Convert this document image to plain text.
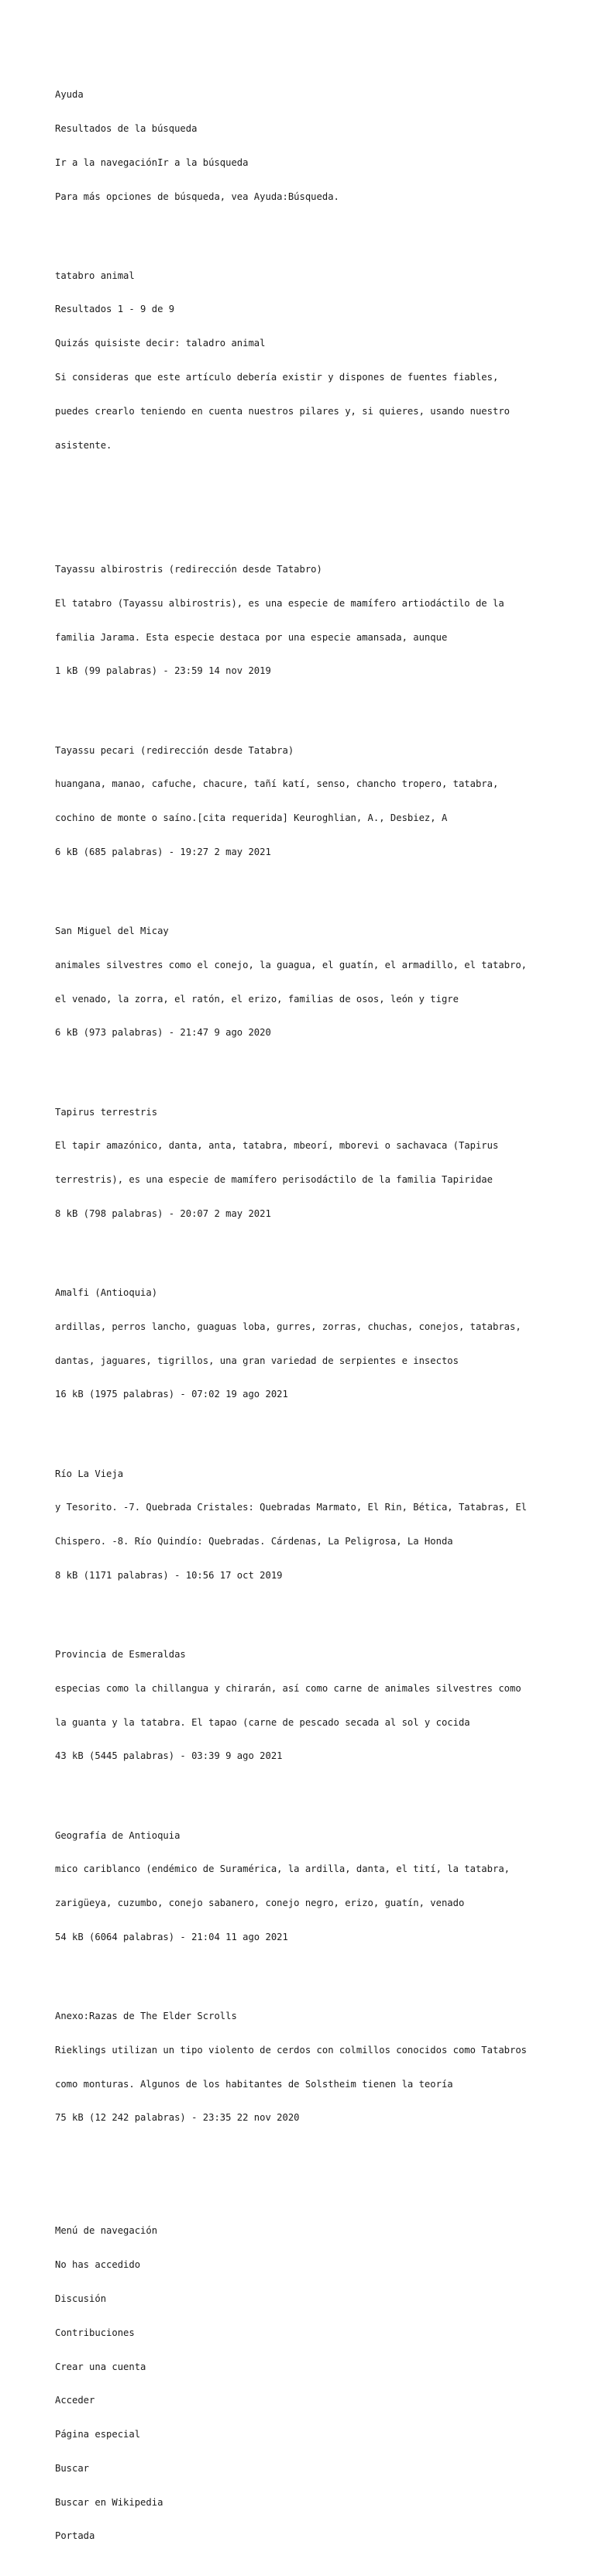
Ayuda

Resultados de la búsqueda

Ir a la navegaciónIr a la búsqueda

Para más opciones de búsqueda, vea Ayuda:Búsqueda.

tatabro animal

Resultados 1 - 9 de 9

Quizás quisiste decir: taladro animal

Si consideras que este artículo debería existir y dispones de fuentes fiables,

puedes crearlo teniendo en cuenta nuestros pilares y, si quieres, usando nuestro

asistente.

Tayassu albirostris (redirección desde Tatabro)

El tatabro (Tayassu albirostris), es una especie de mamífero artiodáctilo de la

familia Jarama. Esta especie destaca por una especie amansada, aunque

1 kB (99 palabras) - 23:59 14 nov 2019

Tayassu pecari (redirección desde Tatabra)

huangana, manao, cafuche, chacure, tañí katí, senso, chancho tropero, tatabra,

cochino de monte o saíno.[cita requerida] Keuroghlian, A., Desbiez, A

6 kB (685 palabras) - 19:27 2 may 2021

San Miguel del Micay

animales silvestres como el conejo, la guagua, el guatín, el armadillo, el tatabro,

el venado, la zorra, el ratón, el erizo, familias de osos, león y tigre

6 kB (973 palabras) - 21:47 9 ago 2020

Tapirus terrestris

El tapir amazónico, danta, anta, tatabra, mbeorí, mborevi o sachavaca (Tapirus

terrestris), es una especie de mamífero perisodáctilo de la familia Tapiridae

8 kB (798 palabras) - 20:07 2 may 2021

Amalfi (Antioquia)

ardillas, perros lancho, guaguas loba, gurres, zorras, chuchas, conejos, tatabras,

dantas, jaguares, tigrillos, una gran variedad de serpientes e insectos

16 kB (1975 palabras) - 07:02 19 ago 2021

Río La Vieja

y Tesorito. -7. Quebrada Cristales: Quebradas Marmato, El Rin, Bética, Tatabras, El

Chispero. -8. Río Quindío: Quebradas. Cárdenas, La Peligrosa, La Honda

8 kB (1171 palabras) - 10:56 17 oct 2019

Provincia de Esmeraldas

especias como la chillangua y chirarán, así como carne de animales silvestres como

la guanta y la tatabra. El tapao (carne de pescado secada al sol y cocida

43 kB (5445 palabras) - 03:39 9 ago 2021

Geografía de Antioquia

mico cariblanco (endémico de Suramérica, la ardilla, danta, el tití, la tatabra,

zarigüeya, cuzumbo, conejo sabanero, conejo negro, erizo, guatín, venado

54 kB (6064 palabras) - 21:04 11 ago 2021

Anexo:Razas de The Elder Scrolls

Rieklings utilizan un tipo violento de cerdos con colmillos conocidos como Tatabros

como monturas. Algunos de los habitantes de Solstheim tienen la teoría

75 kB (12 242 palabras) - 23:35 22 nov 2020

Menú de navegación

No has accedido

Discusión

Contribuciones

Crear una cuenta

Acceder

Página especial

Buscar

Buscar en Wikipedia

Portada
